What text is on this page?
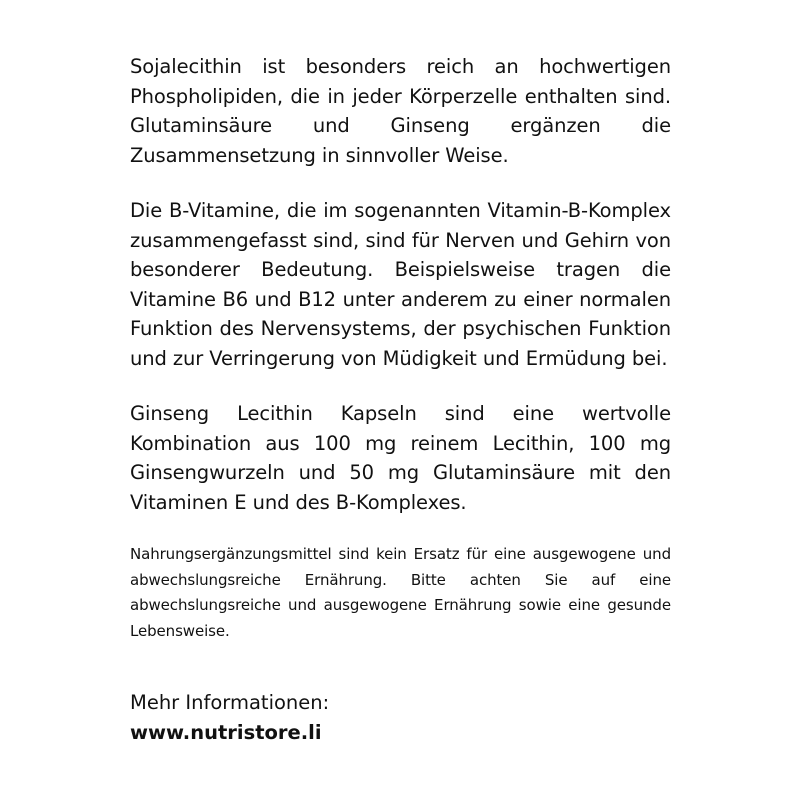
Sojalecithin ist besonders reich an hochwertigen Phospholipiden, die in jeder Körperzelle enthalten sind. Glutaminsäure und Ginseng ergänzen die Zusammensetzung in sinnvoller Weise.

Die B-Vitamine, die im sogenannten Vitamin-B-Komplex zusammengefasst sind, sind für Nerven und Gehirn von besonderer Bedeutung. Beispielsweise tragen die Vitamine B6 und B12 unter anderem zu einer normalen Funktion des Nervensystems, der psychischen Funktion und zur Verringerung von Müdigkeit und Ermüdung bei.

Ginseng Lecithin Kapseln sind eine wertvolle Kombination aus 100 mg reinem Lecithin, 100 mg Ginsengwurzeln und 50 mg Glutaminsäure mit den Vitaminen E und des B-Komplexes.

Nahrungsergänzungsmittel sind kein Ersatz für eine ausgewogene und abwechslungsreiche Ernährung. Bitte achten Sie auf eine abwechslungsreiche und ausgewogene Ernährung sowie eine gesunde Lebensweise.

Mehr Informationen:

www.nutristore.li
